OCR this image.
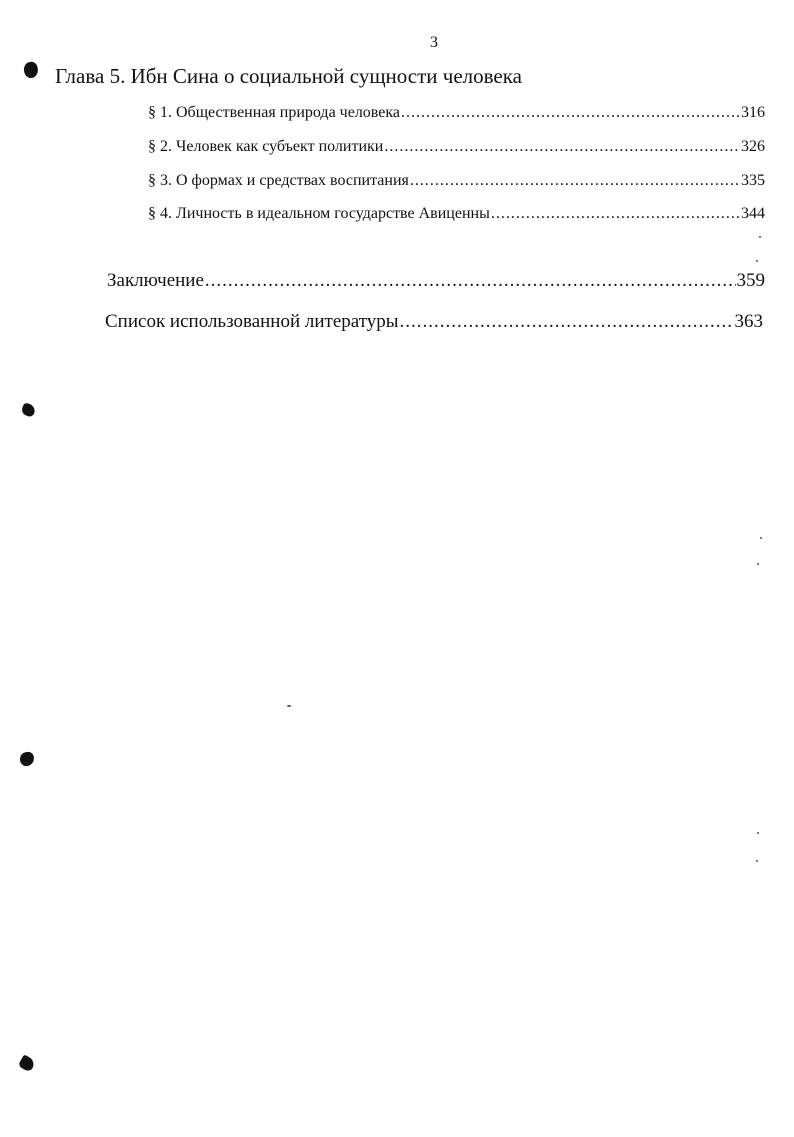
3
Глава 5. Ибн Сина о социальной сущности человека
§ 1. Общественная природа человека .....	316
§ 2. Человек как субъект политики .....	326
§ 3. О формах и средствах воспитания .....	335
§ 4. Личность в идеальном государстве Авиценны .....	344
Заключение .....	359
Список использованной литературы .....	363
